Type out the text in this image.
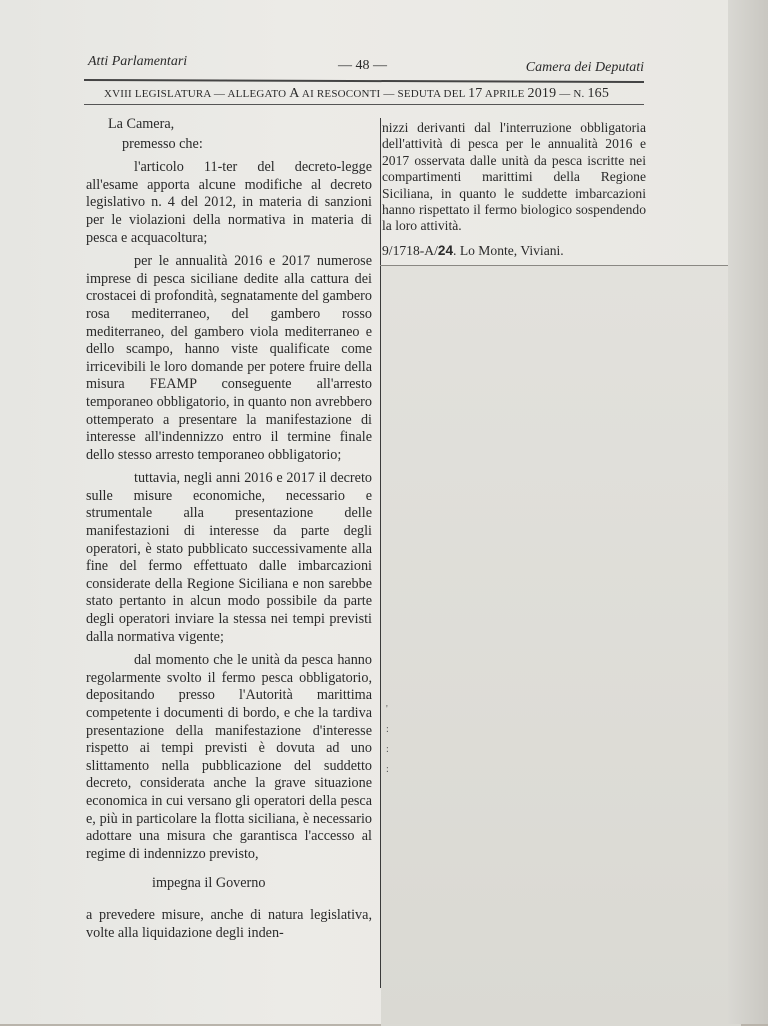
Atti Parlamentari	— 48 —	Camera dei Deputati
XVIII LEGISLATURA — ALLEGATO A AI RESOCONTI — SEDUTA DEL 17 APRILE 2019 — N. 165

La Camera,

premesso che:

l'articolo 11-ter del decreto-legge all'esame apporta alcune modifiche al decreto legislativo n. 4 del 2012, in materia di sanzioni per le violazioni della normativa in materia di pesca e acquacoltura;

per le annualità 2016 e 2017 numerose imprese di pesca siciliane dedite alla cattura dei crostacei di profondità, segnatamente del gambero rosa mediterraneo, del gambero rosso mediterraneo, del gambero viola mediterraneo e dello scampo, hanno viste qualificate come irricevibili le loro domande per potere fruire della misura FEAMP conseguente all'arresto temporaneo obbligatorio, in quanto non avrebbero ottemperato a presentare la manifestazione di interesse all'indennizzo entro il termine finale dello stesso arresto temporaneo obbligatorio;

tuttavia, negli anni 2016 e 2017 il decreto sulle misure economiche, necessario e strumentale alla presentazione delle manifestazioni di interesse da parte degli operatori, è stato pubblicato successivamente alla fine del fermo effettuato dalle imbarcazioni considerate della Regione Siciliana e non sarebbe stato pertanto in alcun modo possibile da parte degli operatori inviare la stessa nei tempi previsti dalla normativa vigente;

dal momento che le unità da pesca hanno regolarmente svolto il fermo pesca obbligatorio, depositando presso l'Autorità marittima competente i documenti di bordo, e che la tardiva presentazione della manifestazione d'interesse rispetto ai tempi previsti è dovuta ad uno slittamento nella pubblicazione del suddetto decreto, considerata anche la grave situazione economica in cui versano gli operatori della pesca e, più in particolare la flotta siciliana, è necessario adottare una misura che garantisca l'accesso al regime di indennizzo previsto,

impegna il Governo

a prevedere misure, anche di natura legislativa, volte alla liquidazione degli inden-

'
:
:
:

nizzi derivanti dal l'interruzione obbligatoria dell'attività di pesca per le annualità 2016 e 2017 osservata dalle unità da pesca iscritte nei compartimenti marittimi della Regione Siciliana, in quanto le suddette imbarcazioni hanno rispettato il fermo biologico sospendendo la loro attività.

9/1718-A/24. Lo Monte, Viviani.
